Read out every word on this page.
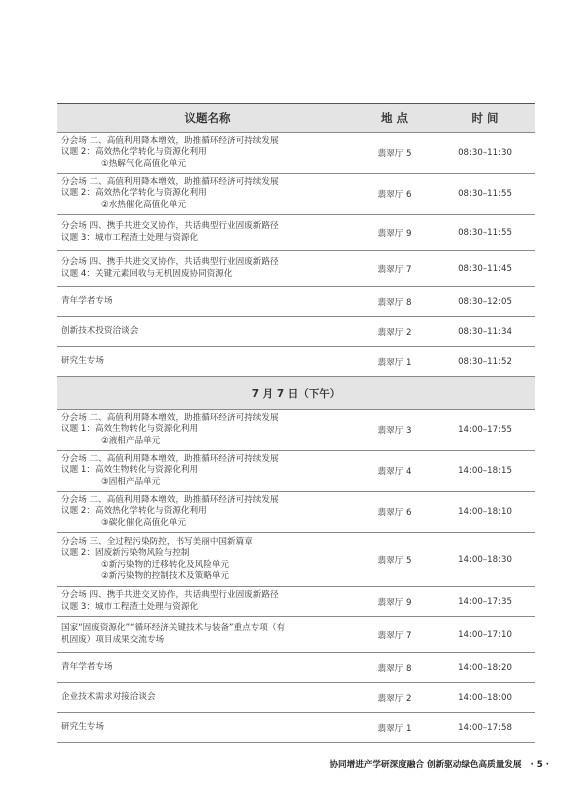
议题名称	地 点	时 间
分会场 二、高值利用降本增效，助推循环经济可持续发展
议题 2：高效热化学转化与资源化利用
①热解气化高值化单元
翡翠厅 5	08:30–11:30
分会场 二、高值利用降本增效，助推循环经济可持续发展
议题 2：高效热化学转化与资源化利用
②水热催化高值化单元
翡翠厅 6	08:30–11:55
分会场 四、携手共进交叉协作，共话典型行业固废新路径
议题 3：城市工程渣土处理与资源化	翡翠厅 9	08:30–11:55
分会场 四、携手共进交叉协作，共话典型行业固废新路径
议题 4：关键元素回收与无机固废协同资源化	翡翠厅 7	08:30–11:45
青年学者专场	翡翠厅 8	08:30–12:05
创新技术投资洽谈会	翡翠厅 2	08:30–11:34
研究生专场	翡翠厅 1	08:30–11:52
7 月 7 日（下午）
分会场 二、高值利用降本增效，助推循环经济可持续发展
议题 1：高效生物转化与资源化利用
②液相产品单元
翡翠厅 3	14:00–17:55
分会场 二、高值利用降本增效，助推循环经济可持续发展
议题 1：高效生物转化与资源化利用
③固相产品单元
翡翠厅 4	14:00–18:15
分会场 二、高值利用降本增效，助推循环经济可持续发展
议题 2：高效热化学转化与资源化利用
③碳化催化高值化单元
翡翠厅 6	14:00–18:10
分会场 三、全过程污染防控，书写美丽中国新篇章
议题 2：固废新污染物风险与控制
①新污染物的迁移转化及风险单元
②新污染物的控制技术及策略单元
翡翠厅 5	14:00–18:30
分会场 四、携手共进交叉协作，共话典型行业固废新路径
议题 3：城市工程渣土处理与资源化	翡翠厅 9	14:00–17:35
国家“固废资源化”“循环经济关键技术与装备”重点专项（有
机固废）项目成果交流专场	翡翠厅 7	14:00–17:10
青年学者专场	翡翠厅 8	14:00–18:20
企业技术需求对接洽谈会	翡翠厅 2	14:00–18:00
研究生专场	翡翠厅 1	14:00–17:58
协同增进产学研深度融合 创新驱动绿色高质量发展 · 5 ·
